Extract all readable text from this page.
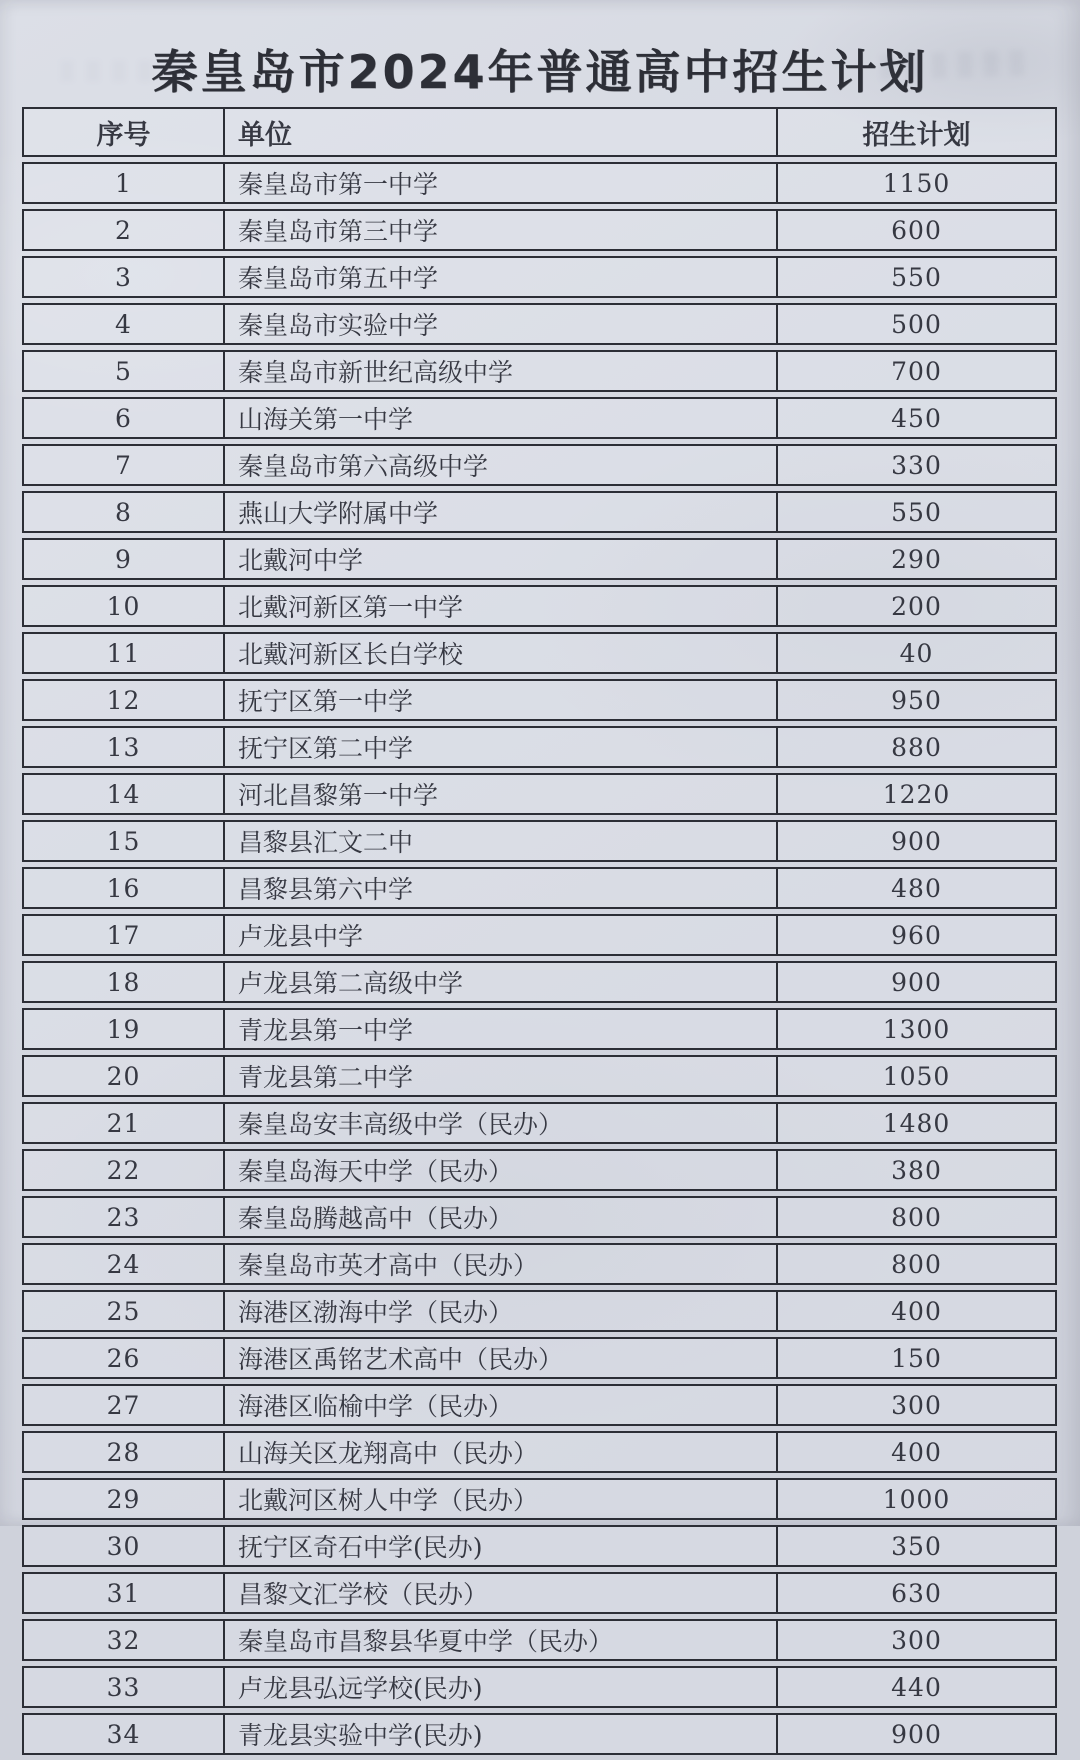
秦皇岛市2024年普通高中招生计划
序号	单位	招生计划
1	秦皇岛市第一中学	1150
2	秦皇岛市第三中学	600
3	秦皇岛市第五中学	550
4	秦皇岛市实验中学	500
5	秦皇岛市新世纪高级中学	700
6	山海关第一中学	450
7	秦皇岛市第六高级中学	330
8	燕山大学附属中学	550
9	北戴河中学	290
10	北戴河新区第一中学	200
11	北戴河新区长白学校	40
12	抚宁区第一中学	950
13	抚宁区第二中学	880
14	河北昌黎第一中学	1220
15	昌黎县汇文二中	900
16	昌黎县第六中学	480
17	卢龙县中学	960
18	卢龙县第二高级中学	900
19	青龙县第一中学	1300
20	青龙县第二中学	1050
21	秦皇岛安丰高级中学（民办）	1480
22	秦皇岛海天中学（民办）	380
23	秦皇岛腾越高中（民办）	800
24	秦皇岛市英才高中（民办）	800
25	海港区渤海中学（民办）	400
26	海港区禹铭艺术高中（民办）	150
27	海港区临榆中学（民办）	300
28	山海关区龙翔高中（民办）	400
29	北戴河区树人中学（民办）	1000
30	抚宁区奇石中学(民办)	350
31	昌黎文汇学校（民办）	630
32	秦皇岛市昌黎县华夏中学（民办）	300
33	卢龙县弘远学校(民办)	440
34	青龙县实验中学(民办)	900
